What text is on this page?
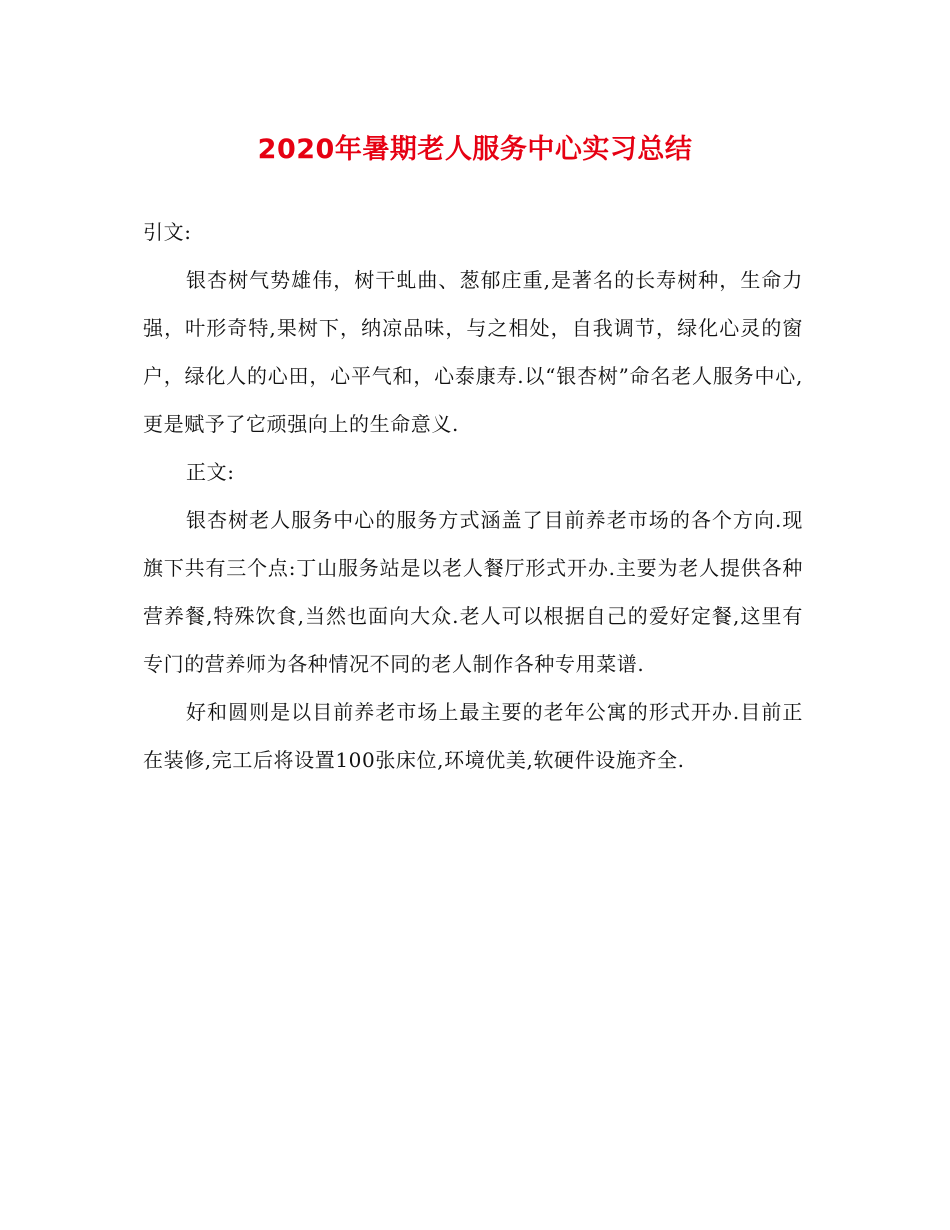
2020年暑期老人服务中心实习总结

引文:

银杏树气势雄伟，树干虬曲、葱郁庄重,是著名的长寿树种，生命力强，叶形奇特,果树下，纳凉品味，与之相处，自我调节，绿化心灵的窗户，绿化人的心田，心平气和，心泰康寿.以“银杏树”命名老人服务中心,更是赋予了它顽强向上的生命意义.

正文:

银杏树老人服务中心的服务方式涵盖了目前养老市场的各个方向.现旗下共有三个点:丁山服务站是以老人餐厅形式开办.主要为老人提供各种营养餐,特殊饮食,当然也面向大众.老人可以根据自己的爱好定餐,这里有专门的营养师为各种情况不同的老人制作各种专用菜谱.

好和圆则是以目前养老市场上最主要的老年公寓的形式开办.目前正在装修,完工后将设置100张床位,环境优美,软硬件设施齐全.
